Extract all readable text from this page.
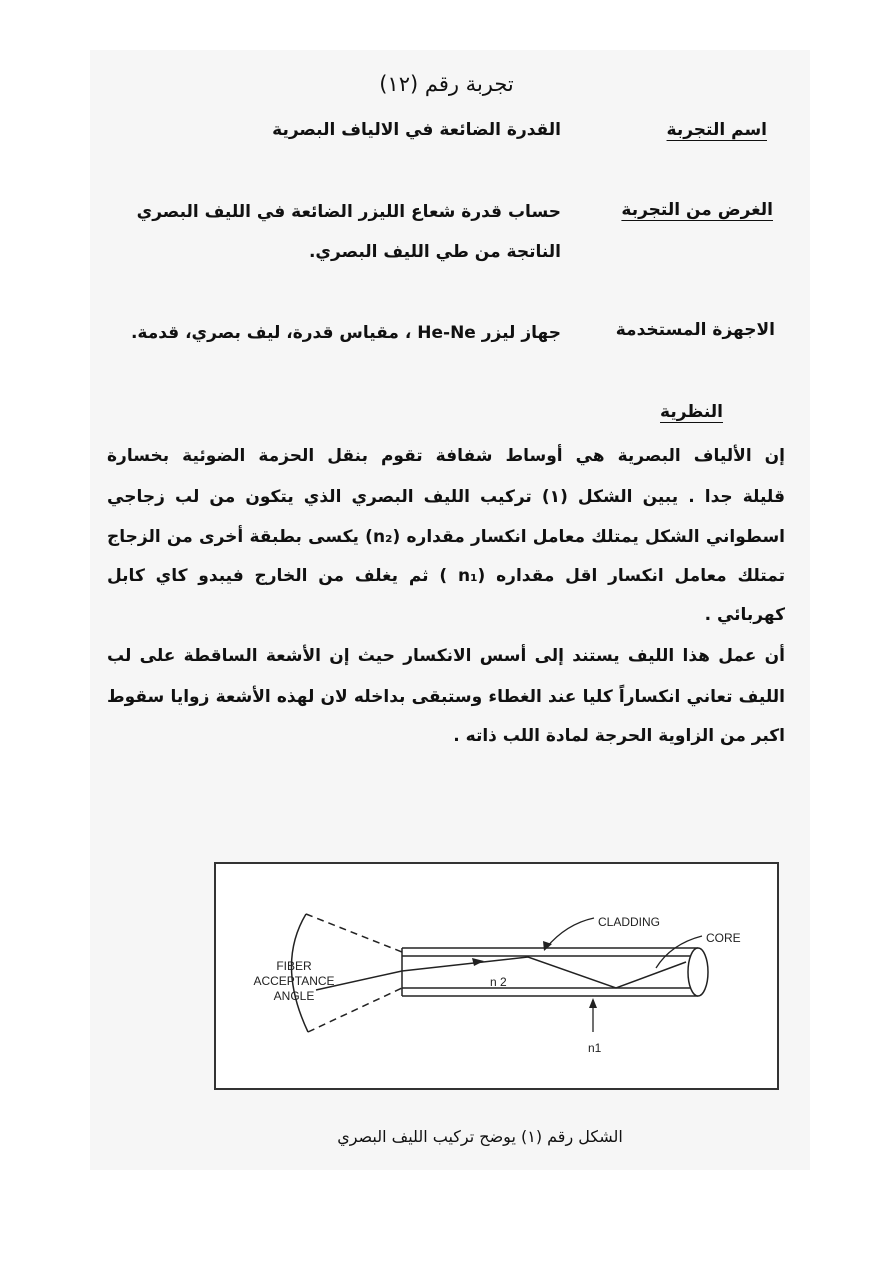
تجربة رقم (١٢)
اسم التجربة
القدرة الضائعة في الالياف البصرية
الغرض من التجربة
حساب قدرة شعاع الليزر الضائعة في الليف البصري
الناتجة من طي الليف البصري.
الاجهزة المستخدمة
جهاز ليزر He-Ne ، مقياس قدرة، ليف بصري، قدمة.
النظرية
إن الألياف البصرية هي أوساط شفافة تقوم بنقل الحزمة الضوئية بخسارة
قليلة جدا . يبين الشكل (١) تركيب الليف البصري الذي يتكون من لب زجاجي
اسطواني الشكل يمتلك معامل انكسار مقداره (n₂) يكسى بطبقة أخرى من الزجاج
تمتلك معامل انكسار اقل مقداره (n₁ ) ثم يغلف من الخارج فيبدو كاي كابل
كهربائي .
أن عمل هذا الليف يستند إلى أسس الانكسار حيث إن الأشعة الساقطة على لب
الليف تعاني انكساراً كليا عند الغطاء وستبقى بداخله لان لهذه الأشعة زوايا سقوط
اكبر من الزاوية الحرجة لمادة اللب ذاته .
CLADDING
CORE
FIBER
ACCEPTANCE
ANGLE
n 2
n1
الشكل رقم (١) يوضح تركيب الليف البصري
